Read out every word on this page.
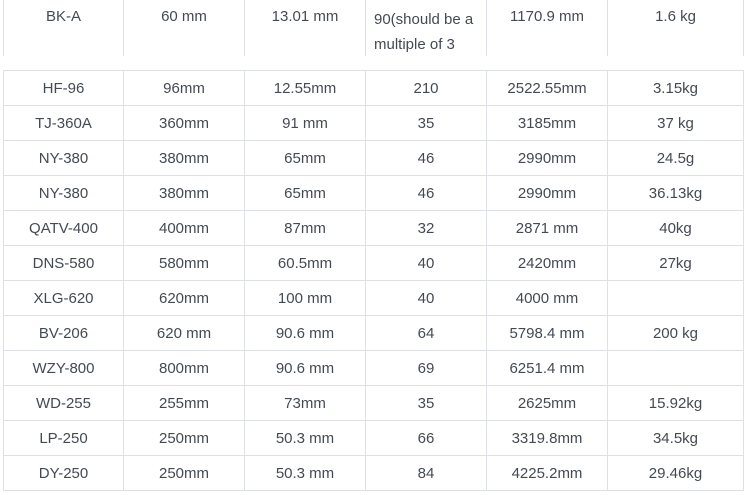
BK-A	60 mm	13.01 mm	90(should be a multiple of 3	1170.9 mm	1.6 kg
HF-96	96mm	12.55mm	210	2522.55mm	3.15kg
TJ-360A	360mm	91 mm	35	3185mm	37 kg
NY-380	380mm	65mm	46	2990mm	24.5g
NY-380	380mm	65mm	46	2990mm	36.13kg
QATV-400	400mm	87mm	32	2871 mm	40kg
DNS-580	580mm	60.5mm	40	2420mm	27kg
XLG-620	620mm	100 mm	40	4000 mm	
BV-206	620 mm	90.6 mm	64	5798.4 mm	200 kg
WZY-800	800mm	90.6 mm	69	6251.4 mm	
WD-255	255mm	73mm	35	2625mm	15.92kg
LP-250	250mm	50.3 mm	66	3319.8mm	34.5kg
DY-250	250mm	50.3 mm	84	4225.2mm	29.46kg
